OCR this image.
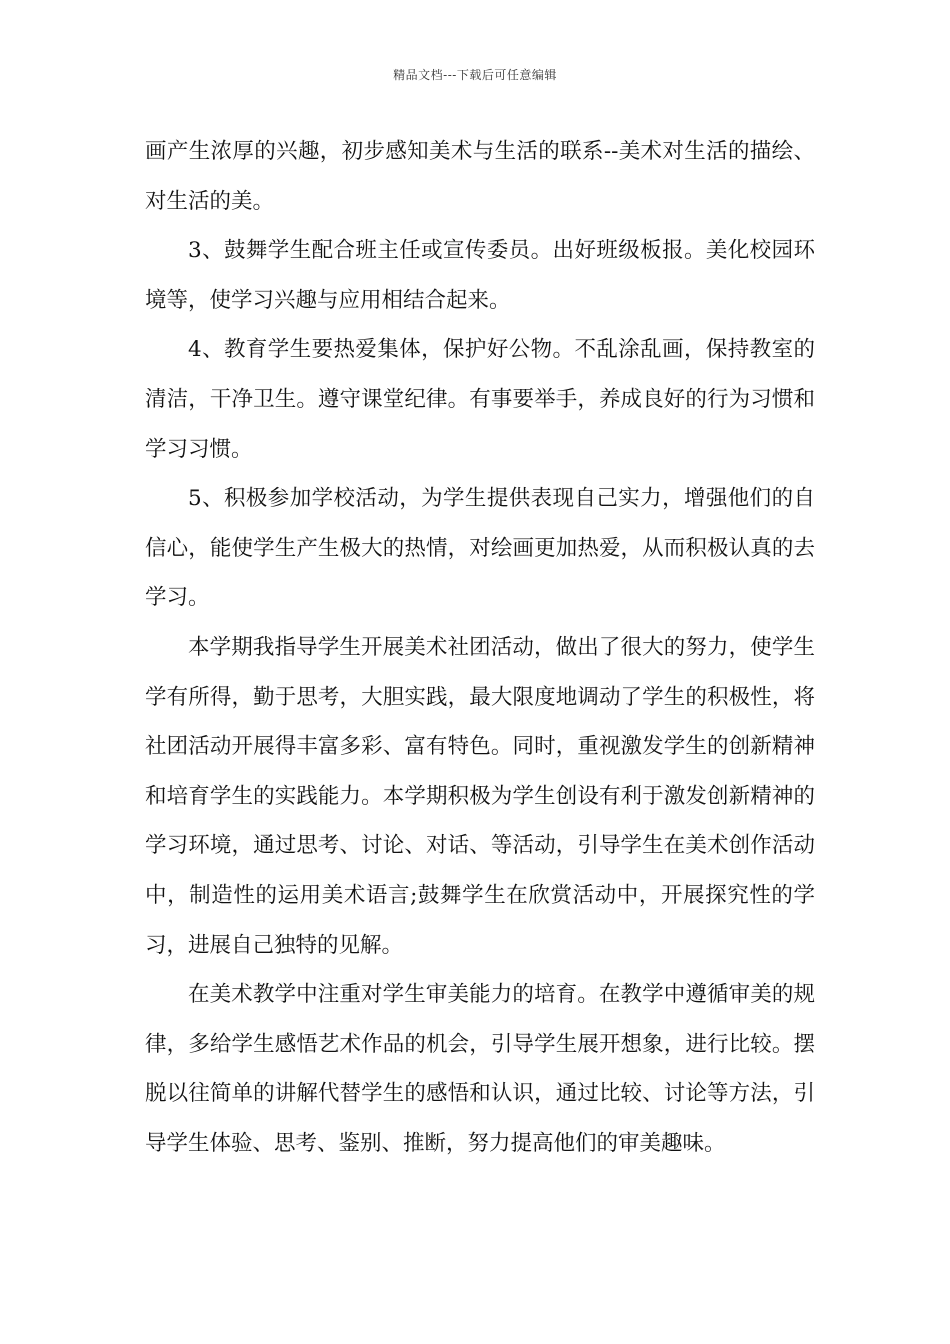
精品文档---下载后可任意编辑

画产生浓厚的兴趣，初步感知美术与生活的联系--美术对生活的描绘、对生活的美。

3、鼓舞学生配合班主任或宣传委员。出好班级板报。美化校园环境等，使学习兴趣与应用相结合起来。

4、教育学生要热爱集体，保护好公物。不乱涂乱画，保持教室的清洁，干净卫生。遵守课堂纪律。有事要举手，养成良好的行为习惯和学习习惯。

5、积极参加学校活动，为学生提供表现自己实力，增强他们的自信心，能使学生产生极大的热情，对绘画更加热爱，从而积极认真的去学习。

本学期我指导学生开展美术社团活动，做出了很大的努力，使学生学有所得，勤于思考，大胆实践，最大限度地调动了学生的积极性，将社团活动开展得丰富多彩、富有特色。同时，重视激发学生的创新精神和培育学生的实践能力。本学期积极为学生创设有利于激发创新精神的学习环境，通过思考、讨论、对话、等活动，引导学生在美术创作活动中，制造性的运用美术语言;鼓舞学生在欣赏活动中，开展探究性的学习，进展自己独特的见解。

在美术教学中注重对学生审美能力的培育。在教学中遵循审美的规律，多给学生感悟艺术作品的机会，引导学生展开想象，进行比较。摆脱以往简单的讲解代替学生的感悟和认识，通过比较、讨论等方法，引导学生体验、思考、鉴别、推断，努力提高他们的审美趣味。
